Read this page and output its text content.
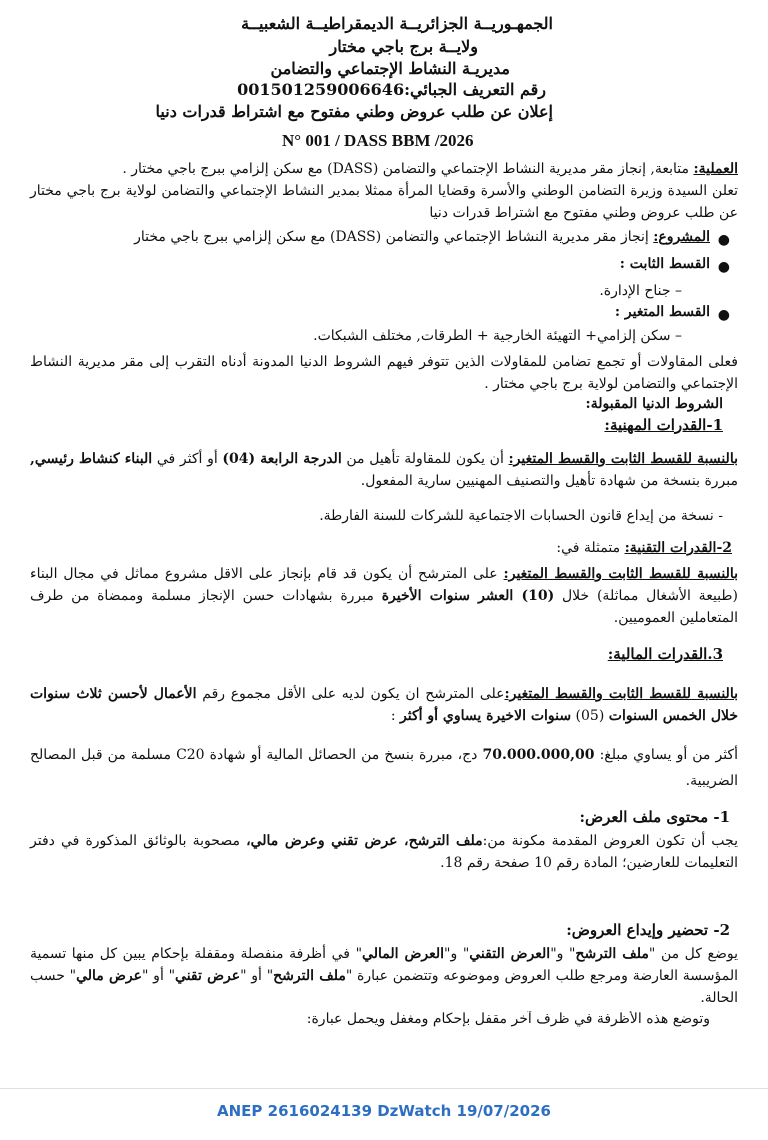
الجمهـوريــة الجزائريــة الديمقراطيــة الشعبيــة
ولايــة برج باجي مختار
مديريـة النشاط الإجتماعي والتضامن
رقم التعريف الجبائي:001501259006646
إعلان عن طلب عروض وطني مفتوح مع اشتراط قدرات دنيا
N° 001 / DASS BBM /2026
العملية: متابعة, إنجاز مقر مديرية النشاط الإجتماعي والتضامن (DASS) مع سكن إلزامي ببرج باجي مختار .
تعلن السيدة وزيرة التضامن الوطني والأسرة وقضايا المرأة ممثلا بمدير النشاط الإجتماعي والتضامن لولاية برج باجي مختار عن طلب عروض وطني مفتوح مع اشتراط قدرات دنيا
●
المشروع: إنجاز مقر مديرية النشاط الإجتماعي والتضامن (DASS) مع سكن إلزامي ببرج باجي مختار
●
القسط الثابت :
– جناح الإدارة.
●
القسط المتغير :
– سكن إلزامي+ التهيئة الخارجية + الطرقات, مختلف الشبكات.
فعلى المقاولات أو تجمع تضامن للمقاولات الذين تتوفر فيهم الشروط الدنيا المدونة أدناه التقرب إلى مقر مديرية النشاط الإجتماعي والتضامن لولاية برج باجي مختار .
الشروط الدنيا المقبولة:
1-القدرات المهنية:
بالنسبة للقسط الثابت والقسط المتغير: أن يكون للمقاولة تأهيل من الدرجة الرابعة (04) أو أكثر في البناء كنشاط رئيسي, مبررة بنسخة من شهادة تأهيل والتصنيف المهنيين سارية المفعول.
- نسخة من إيداع قانون الحسابات الاجتماعية للشركات للسنة الفارطة.
2-القدرات التقنية: متمثلة في:
بالنسبة للقسط الثابت والقسط المتغير: على المترشح أن يكون قد قام بإنجاز على الاقل مشروع مماثل في مجال البناء (طبيعة الأشغال مماثلة) خلال (10) العشر سنوات الأخيرة مبررة بشهادات حسن الإنجاز مسلمة وممضاة من طرف المتعاملين العموميين.
3.القدرات المالية:
بالنسبة للقسط الثابت والقسط المتغير:على المترشح ان يكون لديه على الأقل مجموع رقم الأعمال لأحسن ثلاث سنوات خلال الخمس السنوات (05) سنوات الاخيرة يساوي أو أكثر :
أكثر من أو يساوي مبلغ: 70.000.000,00 دج، مبررة بنسخ من الحصائل المالية أو شهادة C20 مسلمة من قبل المصالح الضريبية.
1- محتوى ملف العرض:
يجب أن تكون العروض المقدمة مكونة من:ملف الترشح، عرض تقني وعرض مالي، مصحوبة بالوثائق المذكورة في دفتر التعليمات للعارضين؛ المادة رقم 10 صفحة رقم 18.
2- تحضير وإيداع العروض:
يوضع كل من "ملف الترشح" و"العرض التقني" و"العرض المالي" في أظرفة منفصلة ومقفلة بإحكام يبين كل منها تسمية المؤسسة العارضة ومرجع طلب العروض وموضوعه وتتضمن عبارة "ملف الترشح" أو "عرض تقني" أو "عرض مالي" حسب الحالة.
وتوضع هذه الأظرفة في ظرف آخر مقفل بإحكام ومغفل ويحمل عبارة:
ANEP 2616024139 DzWatch 19/07/2026
